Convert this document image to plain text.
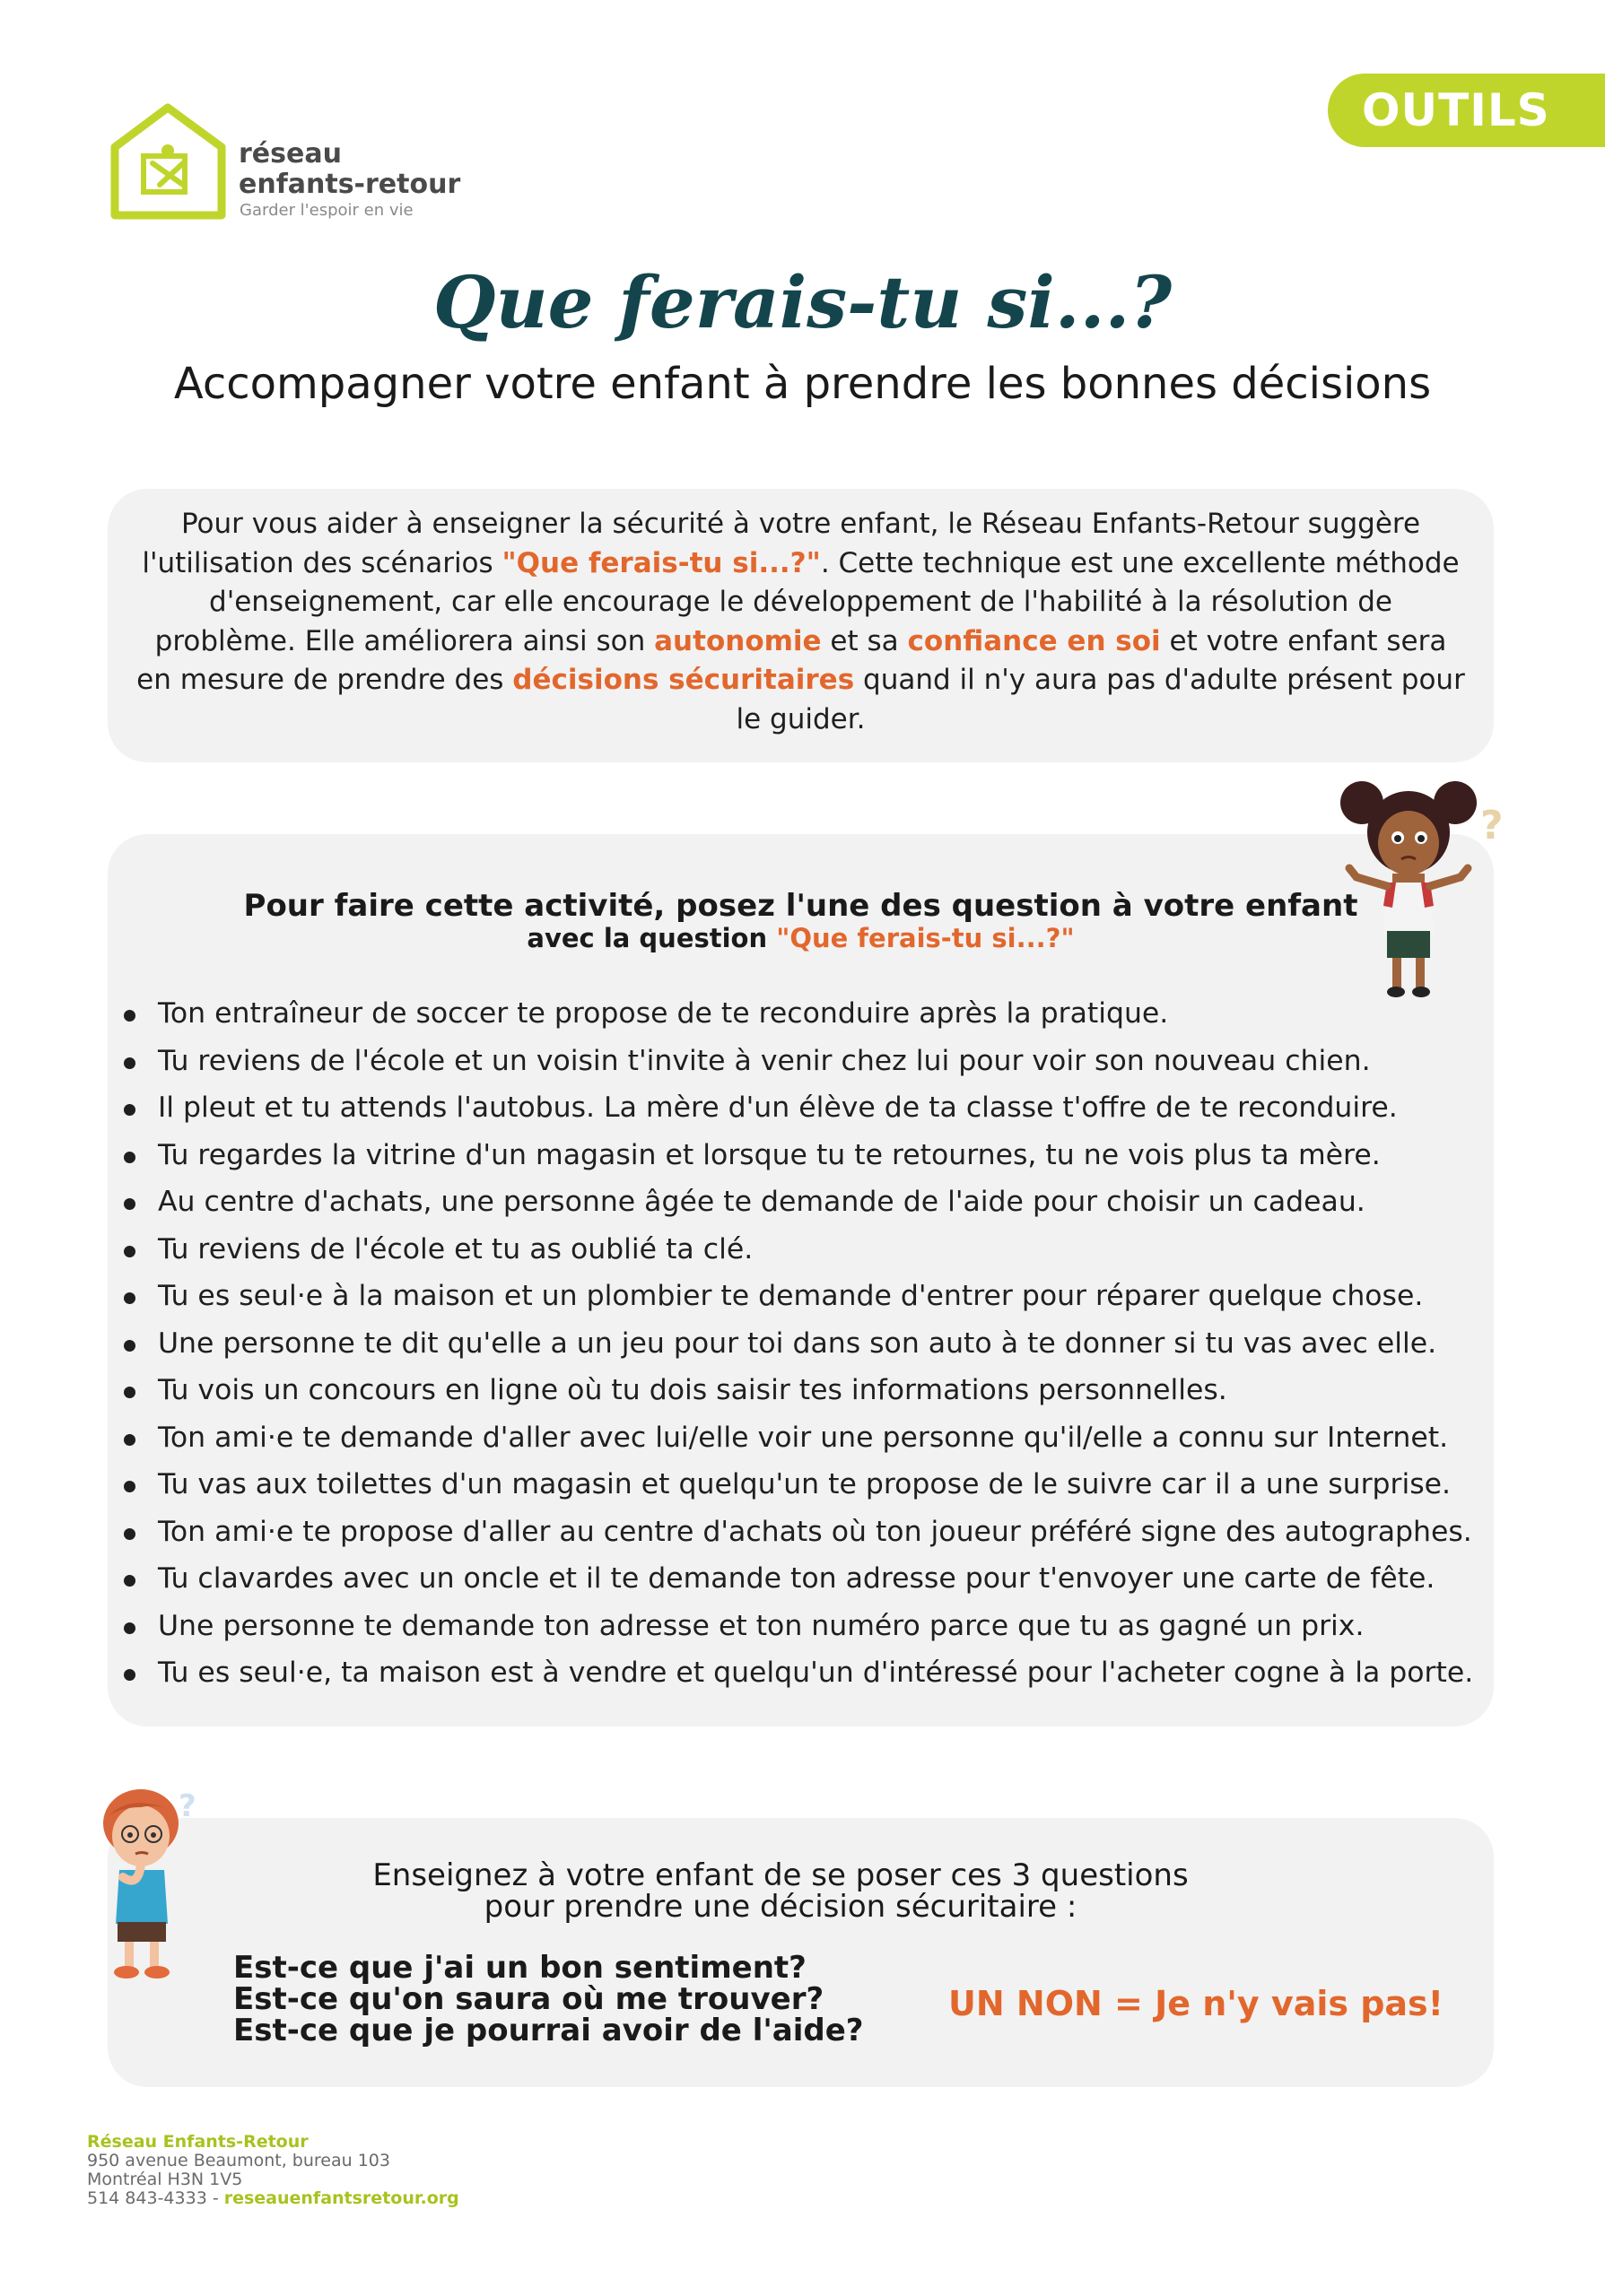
OUTILS
réseau
enfants-retour
Garder l'espoir en vie
Que ferais-tu si...?
Accompagner votre enfant à prendre les bonnes décisions
Pour vous aider à enseigner la sécurité à votre enfant, le Réseau Enfants-Retour suggère l'utilisation des scénarios "Que ferais-tu si...?". Cette technique est une excellente méthode d'enseignement, car elle encourage le développement de l'habilité à la résolution de problème. Elle améliorera ainsi son autonomie et sa confiance en soi et votre enfant sera en mesure de prendre des décisions sécuritaires quand il n'y aura pas d'adulte présent pour le guider.
Pour faire cette activité, posez l'une des question à votre enfant
avec la question "Que ferais-tu si...?"
?
Ton entraîneur de soccer te propose de te reconduire après la pratique.
Tu reviens de l'école et un voisin t'invite à venir chez lui pour voir son nouveau chien.
Il pleut et tu attends l'autobus. La mère d'un élève de ta classe t'offre de te reconduire.
Tu regardes la vitrine d'un magasin et lorsque tu te retournes, tu ne vois plus ta mère.
Au centre d'achats, une personne âgée te demande de l'aide pour choisir un cadeau.
Tu reviens de l'école et tu as oublié ta clé.
Tu es seul·e à la maison et un plombier te demande d'entrer pour réparer quelque chose.
Une personne te dit qu'elle a un jeu pour toi dans son auto à te donner si tu vas avec elle.
Tu vois un concours en ligne où tu dois saisir tes informations personnelles.
Ton ami·e te demande d'aller avec lui/elle voir une personne qu'il/elle a connu sur Internet.
Tu vas aux toilettes d'un magasin et quelqu'un te propose de le suivre car il a une surprise.
Ton ami·e te propose d'aller au centre d'achats où ton joueur préféré signe des autographes.
Tu clavardes avec un oncle et il te demande ton adresse pour t'envoyer une carte de fête.
Une personne te demande ton adresse et ton numéro parce que tu as gagné un prix.
Tu es seul·e, ta maison est à vendre et quelqu'un d'intéressé pour l'acheter cogne à la porte.
?
Enseignez à votre enfant de se poser ces 3 questions
pour prendre une décision sécuritaire :
Est-ce que j'ai un bon sentiment?
Est-ce qu'on saura où me trouver?
Est-ce que je pourrai avoir de l'aide?
UN NON = Je n'y vais pas!
Réseau Enfants-Retour
950 avenue Beaumont, bureau 103
Montréal H3N 1V5
514 843-4333 - reseauenfantsretour.org
